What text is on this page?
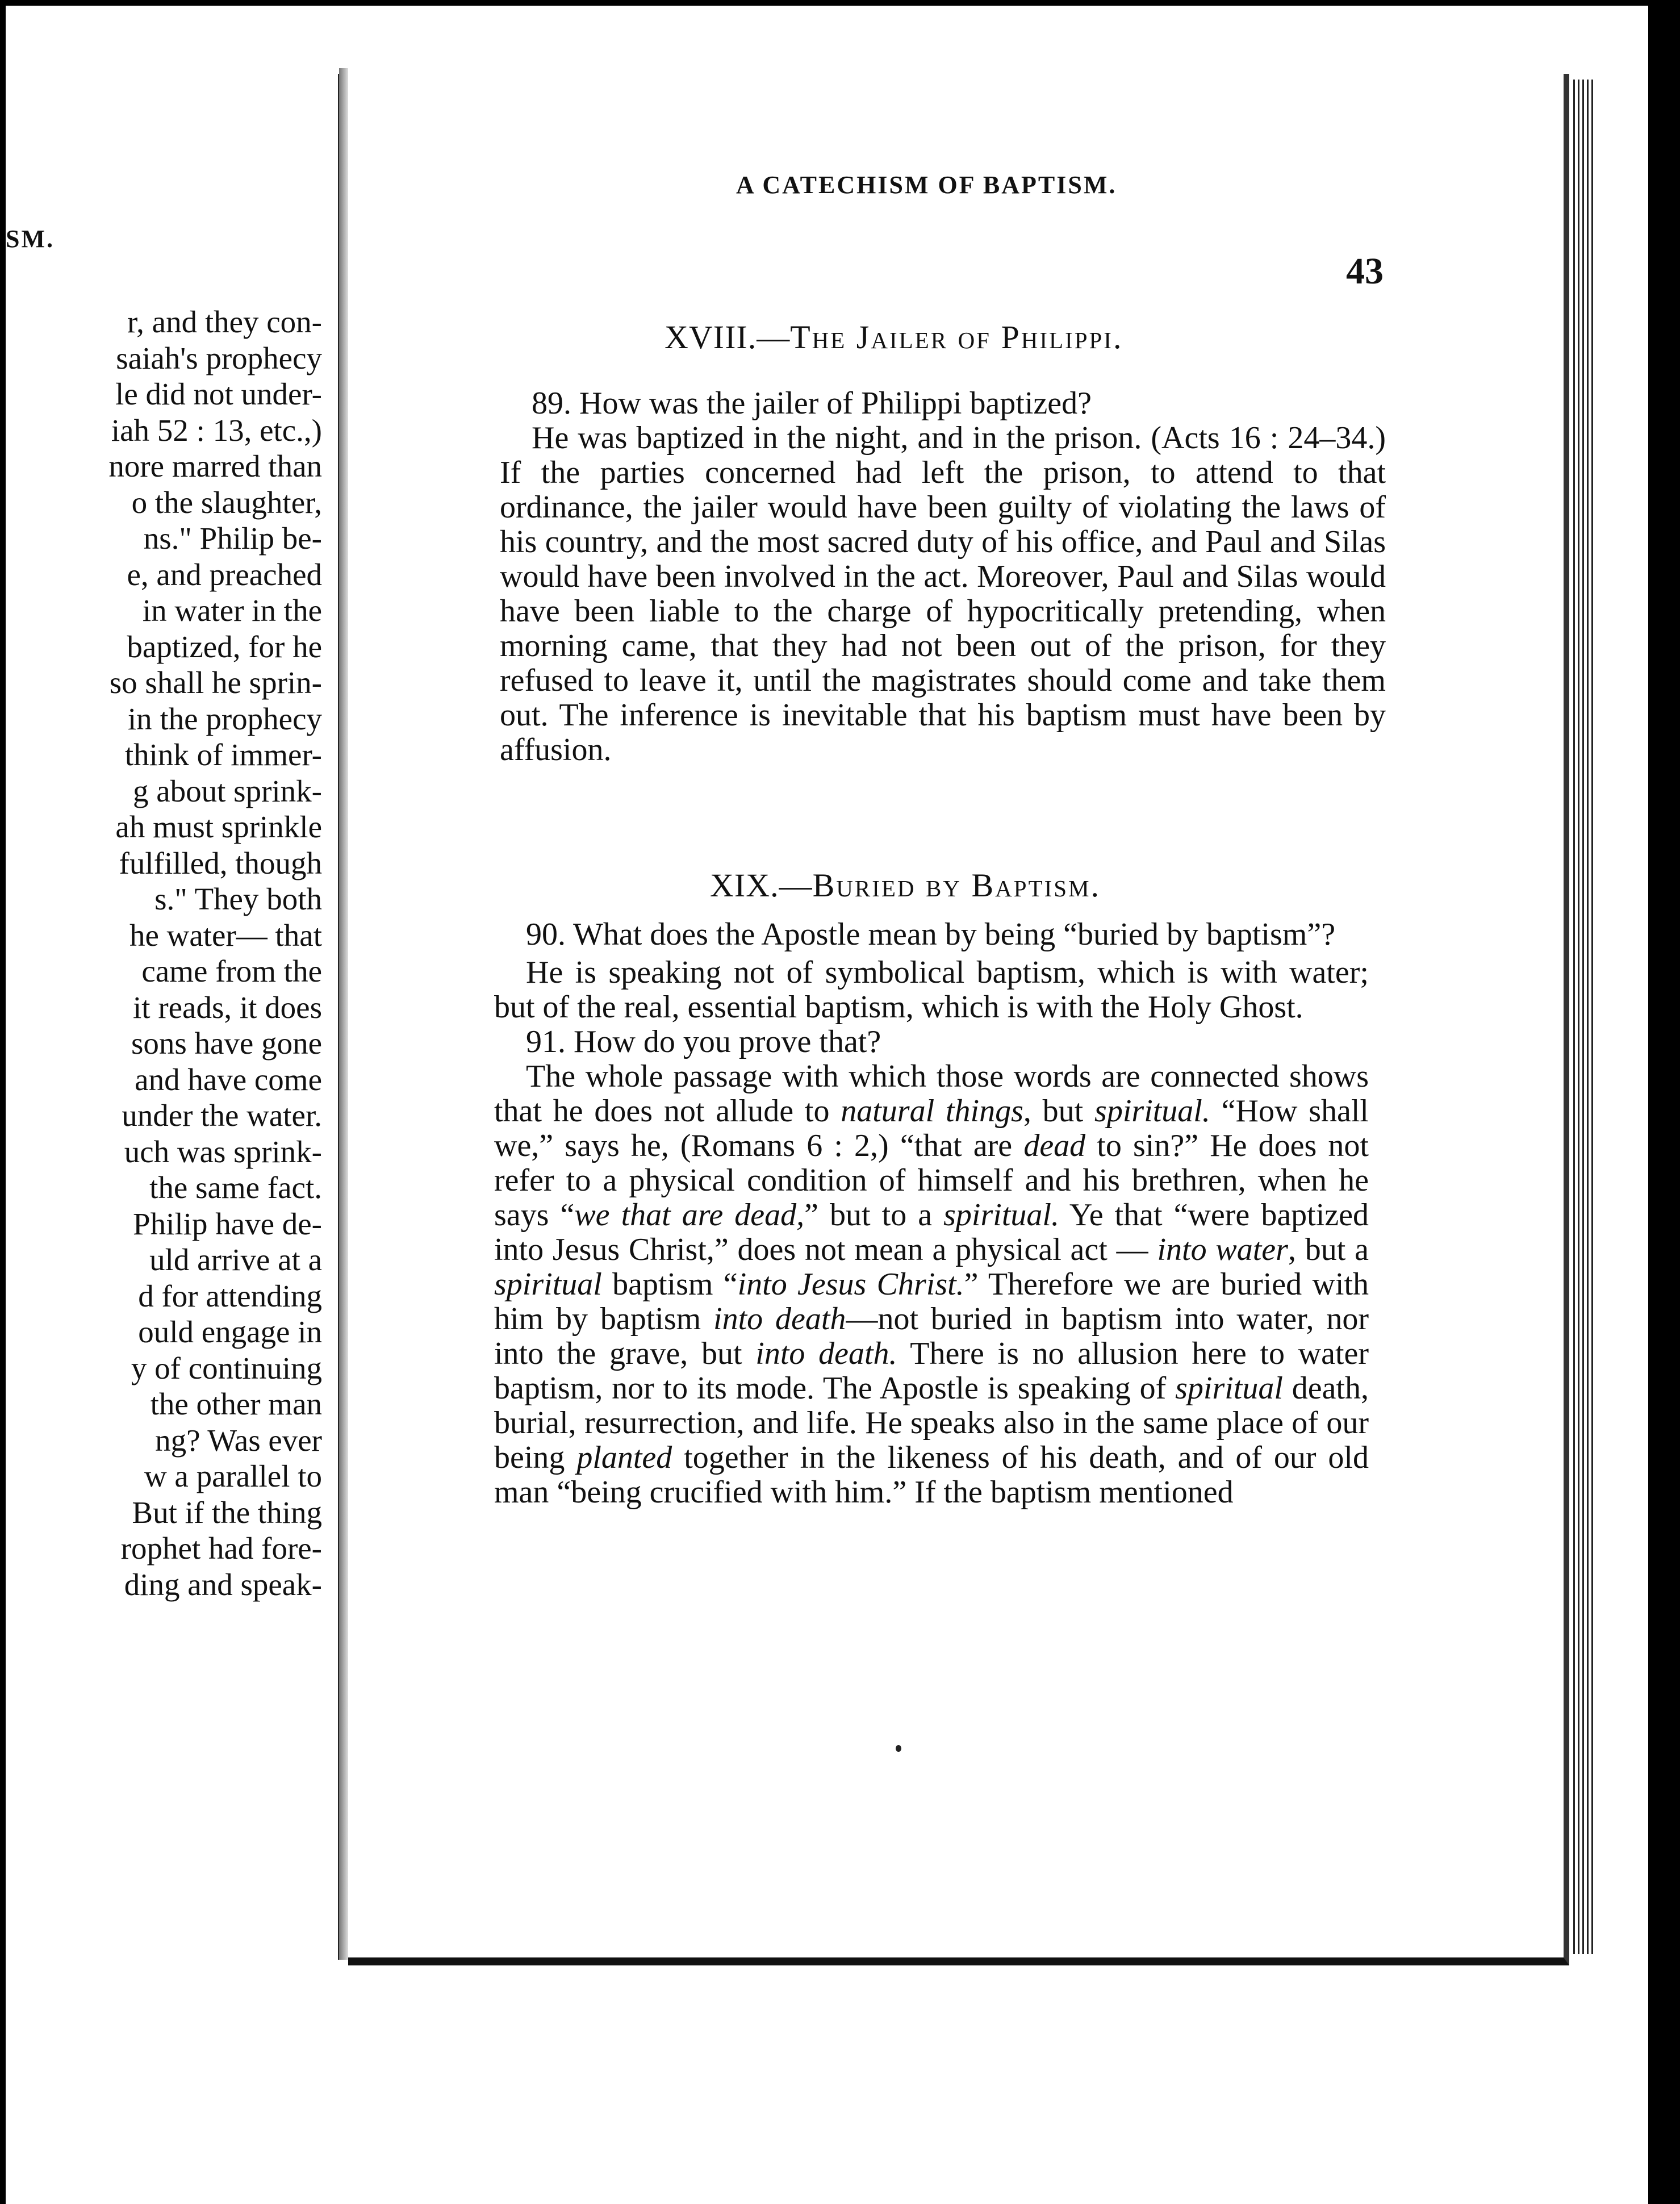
SM.
r, and they con-
saiah's prophecy
le did not under-
iah 52 : 13, etc.,)
nore marred than
o the slaughter,
ns." Philip be-
e, and preached
in water in the
baptized, for he
so shall he sprin-
in the prophecy
think of immer-
g about sprink-
ah must sprinkle
fulfilled, though
s." They both
he water— that
came from the
it reads, it does
sons have gone
and have come
under the water.
uch was sprink-
the same fact.
Philip have de-
uld arrive at a
d for attending
ould engage in
y of continuing
the other man
ng? Was ever
w a parallel to
But if the thing
rophet had fore-
ding and speak-
A CATECHISM OF BAPTISM.
43
XVIII.—The Jailer of Philippi.

89. How was the jailer of Philippi baptized?

He was baptized in the night, and in the prison. (Acts 16 : 24–34.) If the parties concerned had left the prison, to attend to that ordinance, the jailer would have been guilty of violating the laws of his country, and the most sacred duty of his office, and Paul and Silas would have been involved in the act. Moreover, Paul and Silas would have been liable to the charge of hypocritically pretending, when morning came, that they had not been out of the prison, for they refused to leave it, until the magistrates should come and take them out. The inference is inevitable that his baptism must have been by affusion.

XIX.—Buried by Baptism.

90. What does the Apostle mean by being “buried by baptism”?

He is speaking not of symbolical baptism, which is with water; but of the real, essential baptism, which is with the Holy Ghost.

91. How do you prove that?

The whole passage with which those words are connected shows that he does not allude to natural things, but spiritual. “How shall we,” says he, (Romans 6 : 2,) “that are dead to sin?” He does not refer to a physical condition of himself and his brethren, when he says “we that are dead,” but to a spiritual. Ye that “were baptized into Jesus Christ,” does not mean a physical act — into water, but a spiritual baptism “into Jesus Christ.” Therefore we are buried with him by baptism into death—not buried in baptism into water, nor into the grave, but into death. There is no allusion here to water baptism, nor to its mode. The Apostle is speaking of spiritual death, burial, resurrection, and life. He speaks also in the same place of our being planted together in the likeness of his death, and of our old man “being crucified with him.” If the baptism mentioned
